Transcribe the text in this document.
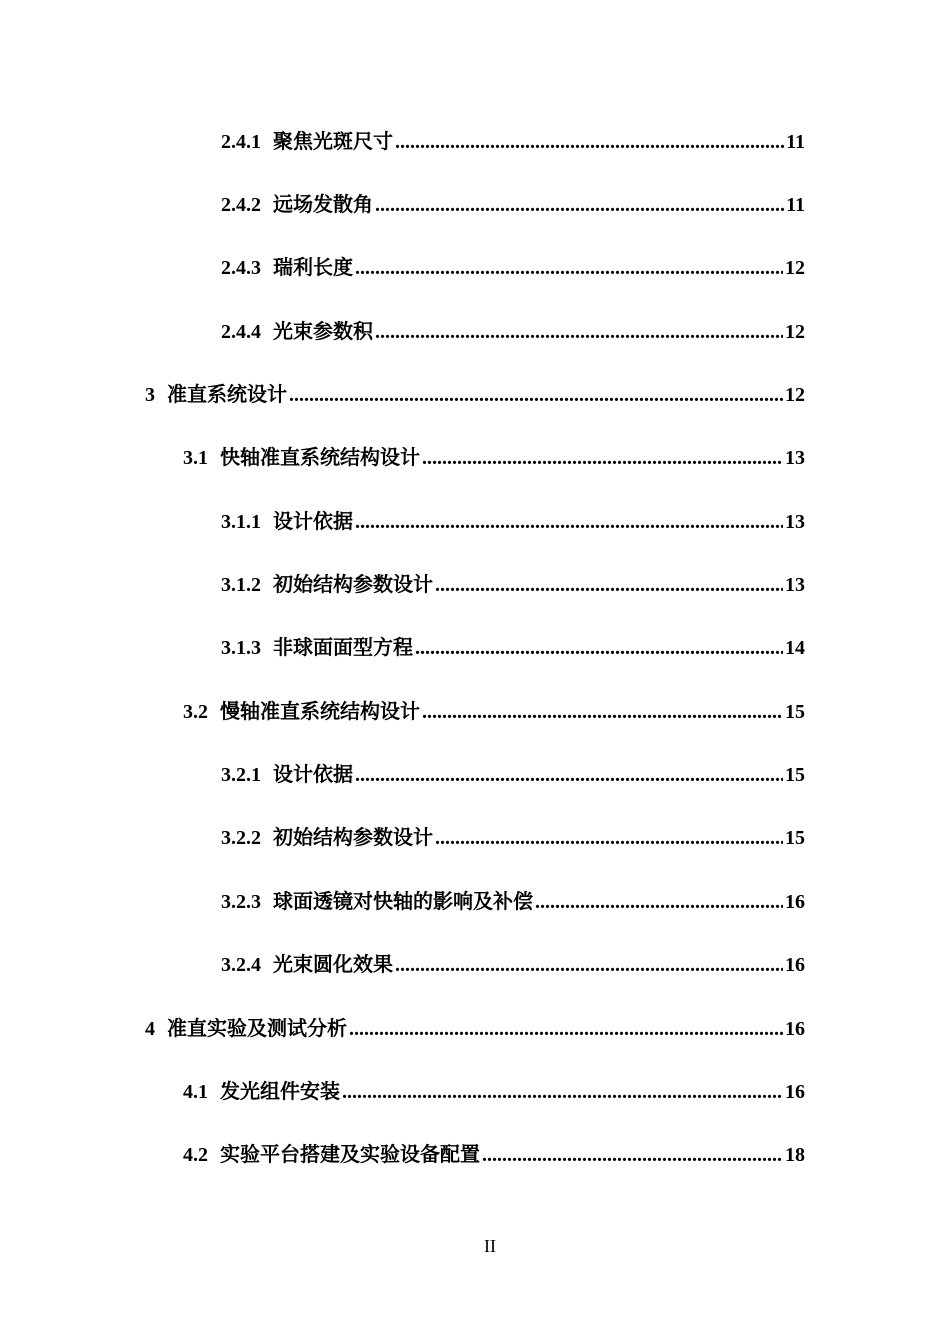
2.4.1 聚焦光斑尺寸 .....	11
2.4.2 远场发散角 .....	11
2.4.3 瑞利长度 .....	12
2.4.4 光束参数积 .....	12
3 准直系统设计 .....	12
3.1 快轴准直系统结构设计 .....	13
3.1.1 设计依据 .....	13
3.1.2 初始结构参数设计 .....	13
3.1.3 非球面面型方程 .....	14
3.2 慢轴准直系统结构设计 .....	15
3.2.1 设计依据 .....	15
3.2.2 初始结构参数设计 .....	15
3.2.3 球面透镜对快轴的影响及补偿 .....	16
3.2.4 光束圆化效果 .....	16
4 准直实验及测试分析 .....	16
4.1 发光组件安装 .....	16
4.2 实验平台搭建及实验设备配置 .....	18
II
